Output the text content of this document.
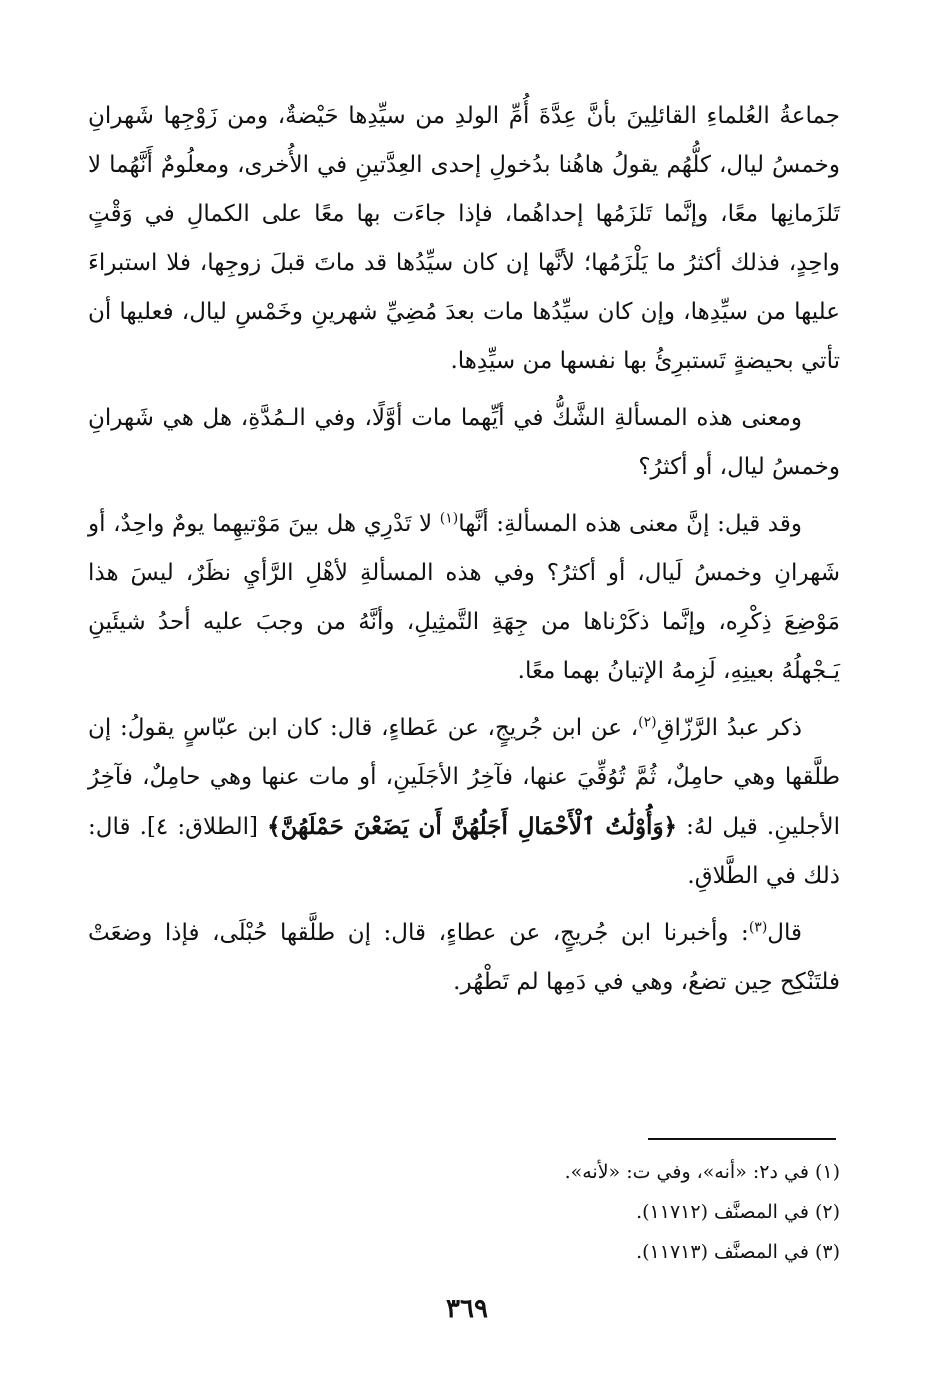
جماعةُ العُلماءِ القائلِينَ بأنَّ عِدَّةَ أُمِّ الولدِ من سيِّدِها حَيْضةٌ، ومن زَوْجِها شَهرانِ وخمسُ ليال، كلُّهُم يقولُ هاهُنا بدُخولِ إحدى العِدَّتينِ في الأُخرى، ومعلُومٌ أَنَّهُما لا تَلزَمانِها معًا، وإنَّما تَلزَمُها إحداهُما، فإذا جاءَت بها معًا على الكمالِ في وَقْتٍ واحِدٍ، فذلك أكثرُ ما يَلْزَمُها؛ لأنَّها إن كان سيِّدُها قد ماتَ قبلَ زوجِها، فلا استبراءَ عليها من سيِّدِها، وإن كان سيِّدُها مات بعدَ مُضِيِّ شهرينِ وخَمْسِ ليال، فعليها أن تأتي بحيضةٍ تَستبرِئُ بها نفسها من سيِّدِها.

ومعنى هذه المسألةِ الشَّكُّ في أيِّهما مات أوَّلًا، وفي الـمُدَّةِ، هل هي شَهرانِ وخمسُ ليال، أو أكثرُ؟

وقد قيل: إنَّ معنى هذه المسألةِ: أنَّها$^{(١)}$ لا تَدْرِي هل بينَ مَوْتيهِما يومٌ واحِدٌ، أو شَهرانِ وخمسُ لَيال، أو أكثرُ؟ وفي هذه المسألةِ لأهْلِ الرَّأيِ نظَرٌ، ليسَ هذا مَوْضِعَ ذِكْرِه، وإنَّما ذكَرْناها من جِهَةِ التَّمثِيلِ، وأنَّهُ من وجبَ عليه أحدُ شيئَينِ يَـجْهلُهُ بعينِهِ، لَزِمهُ الإتيانُ بهما معًا.

ذكر عبدُ الرَّزّاقِ$^{(٢)}$، عن ابن جُريجٍ، عن عَطاءٍ، قال: كان ابن عبّاسٍ يقولُ: إن طلَّقها وهي حامِلٌ، ثُمَّ تُوُفِّيَ عنها، فآخِرُ الأجَلَينِ، أو مات عنها وهي حامِلٌ، فآخِرُ الأجلينِ. قيل لهُ: ﴿وَأُوْلَٰتُ ٱلْأَحْمَالِ أَجَلُهُنَّ أَن يَضَعْنَ حَمْلَهُنَّ﴾ [الطلاق: ٤]. قال: ذلك في الطَّلاقِ.

قال$^{(٣)}$: وأخبرنا ابن جُريجٍ، عن عطاءٍ، قال: إن طلَّقها حُبْلَى، فإذا وضعَتْ فلتَنْكِح حِين تضعُ، وهي في دَمِها لم تَطْهُر.

(١) في د٢: «أنه»، وفي ت: «لأنه».

(٢) في المصنَّف (١١٧١٢).

(٣) في المصنَّف (١١٧١٣).

٣٦٩
